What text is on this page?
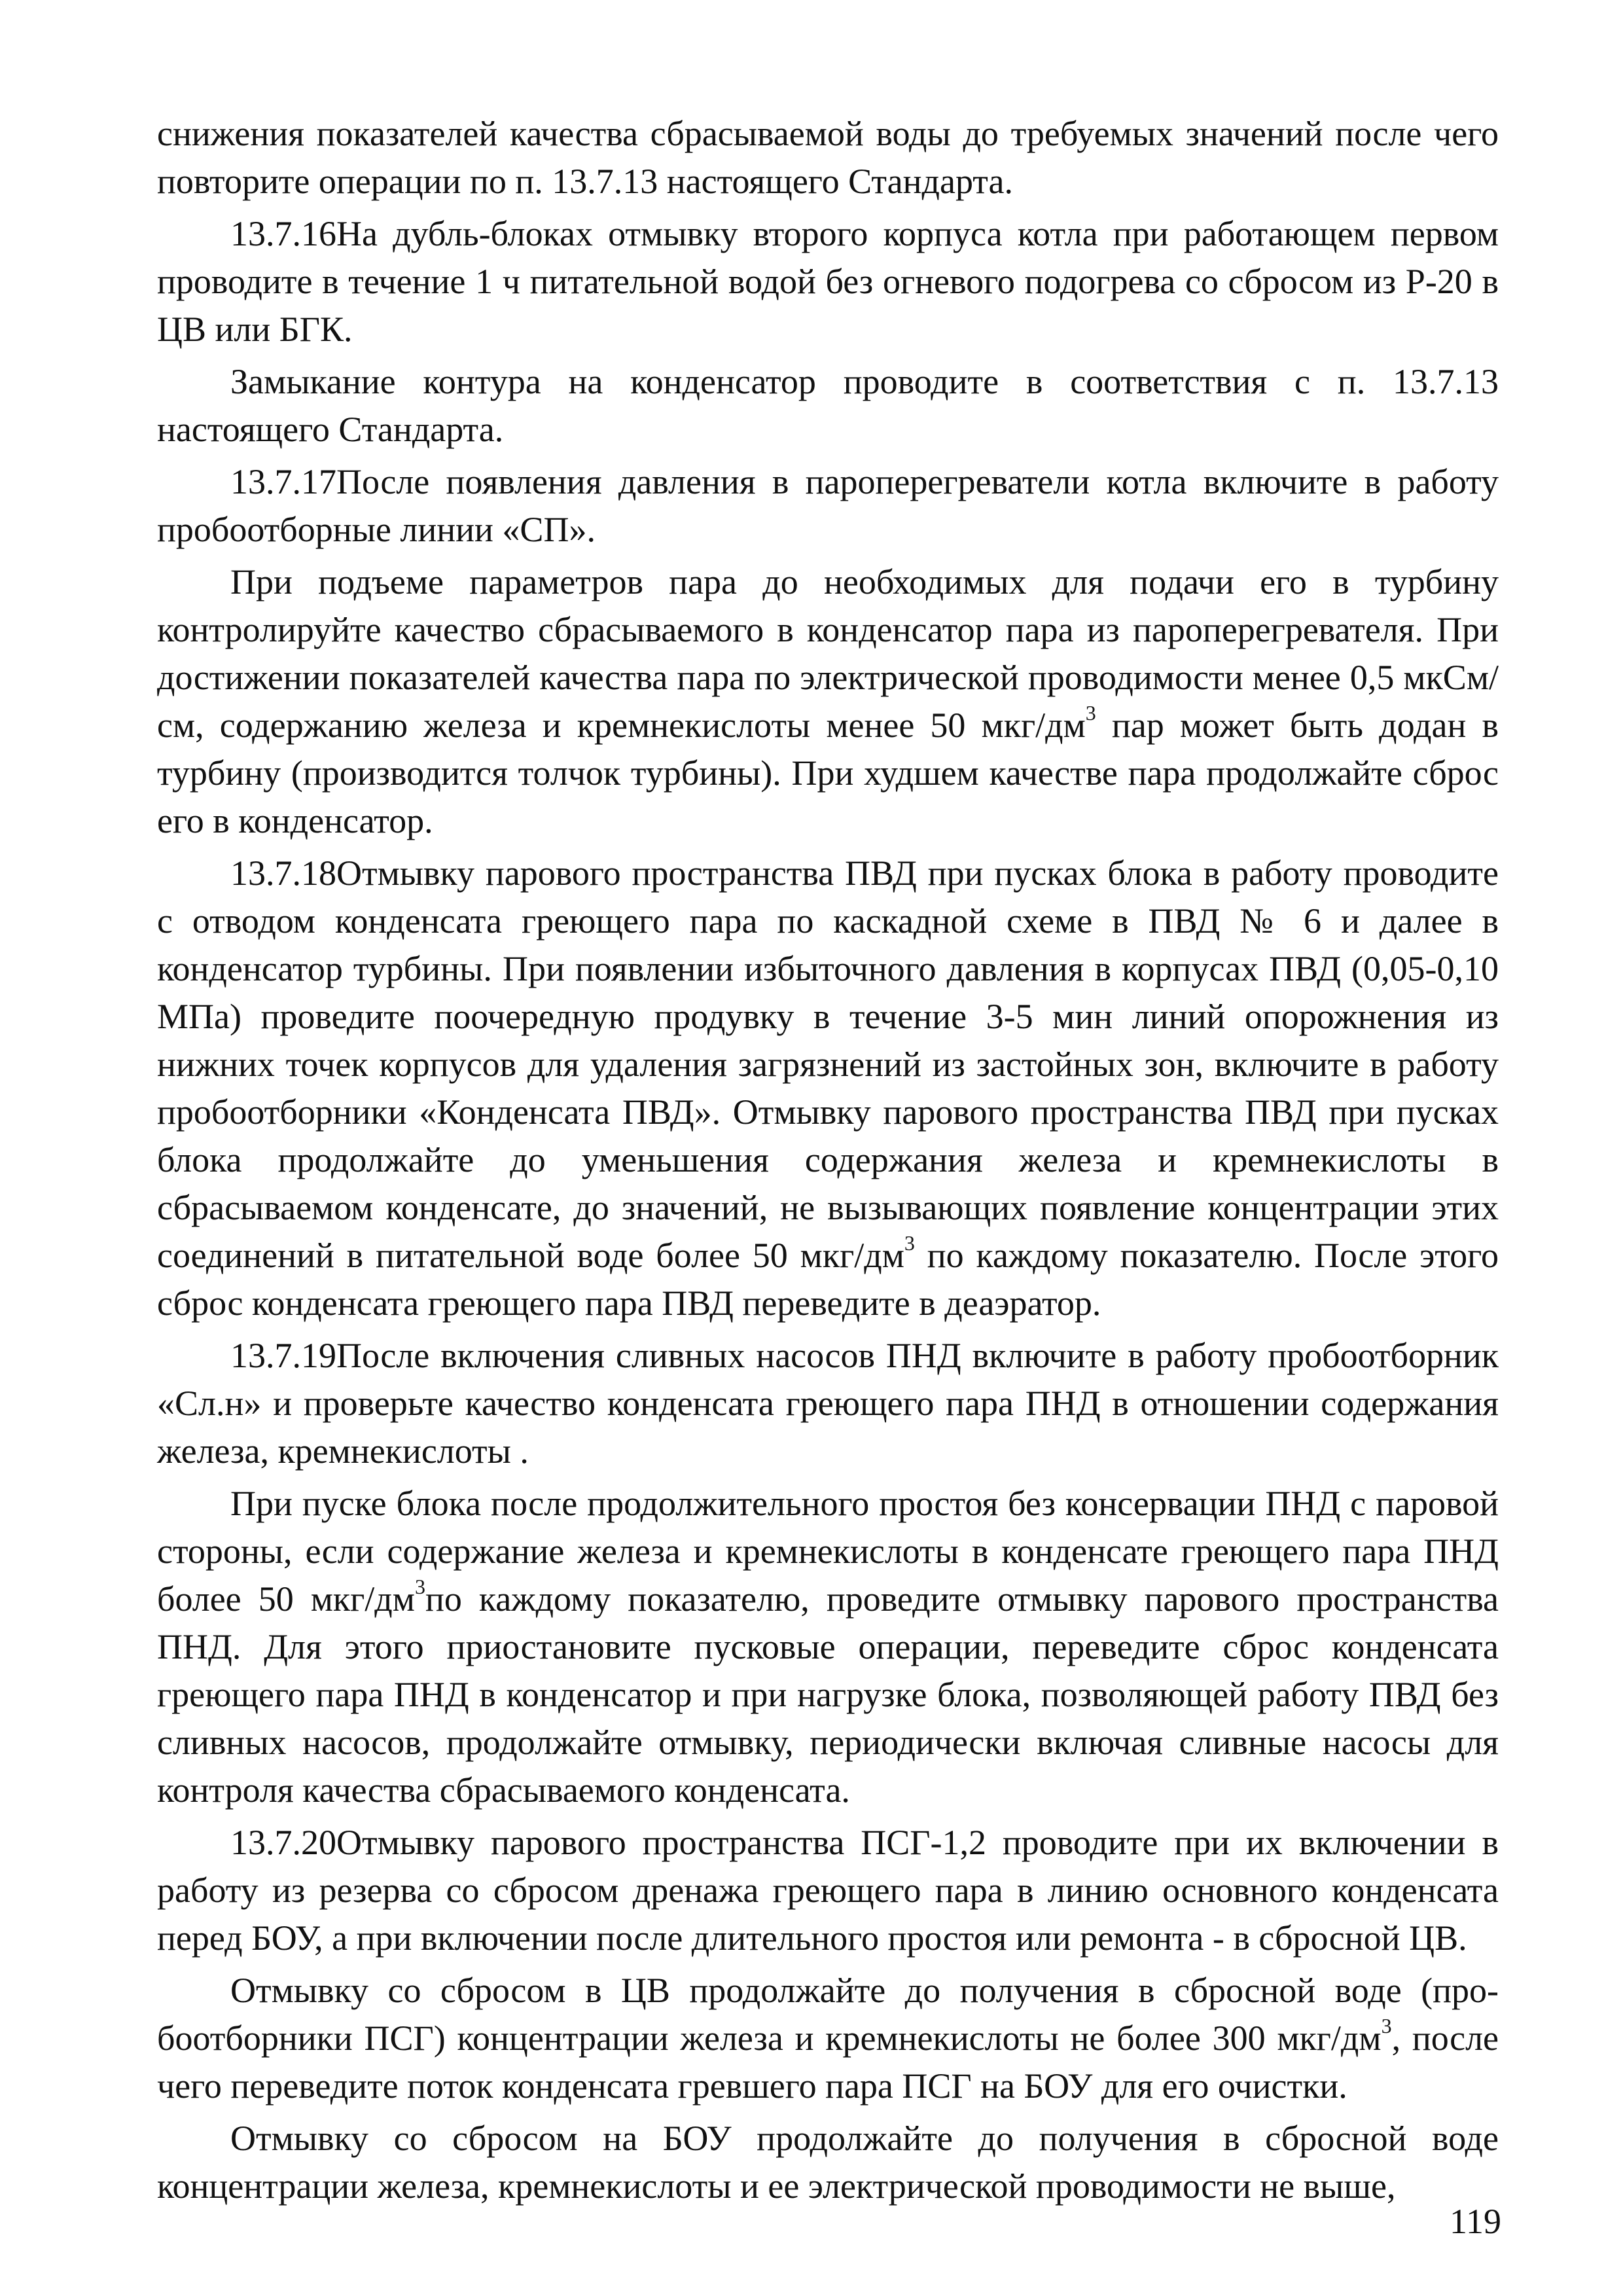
снижения показателей качества сбрасываемой воды до требуемых значений после чего повторите операции по п. 13.7.13 настоящего Стандарта.

13.7.16На дубль-блоках отмывку второго корпуса котла при работающем первом проводите в течение 1 ч питательной водой без огневого подогрева со сбросом из Р-20 в ЦВ или БГК.

Замыкание контура на конденсатор проводите в соответствия с п. 13.7.13 настоящего Стандарта.

13.7.17После появления давления в пароперегреватели котла включите в работу пробоотборные линии «СП».

При подъеме параметров пара до необходимых для подачи его в турбину контролируйте качество сбрасываемого в конденсатор пара из пароперегревателя. При достижении показателей качества пара по электрической проводимости менее 0,5 мкСм/см, содержанию железа и кремнекислоты менее 50 мкг/$дм^3$ пар может быть додан в турбину (производится толчок турбины). При худшем качестве пара продолжайте сброс его в конденсатор.

13.7.18Отмывку парового пространства ПВД при пусках блока в работу проводите с отводом конденсата греющего пара по каскадной схеме в ПВД № 6 и далее в конденсатор турбины. При появлении избыточного давления в корпусах ПВД (0,05-0,10 МПа) проведите поочередную продувку в течение 3-5 мин линий опорожнения из нижних точек корпусов для удаления загрязнений из застойных зон, включите в работу пробоотборники «Конденсата ПВД». Отмывку парового пространства ПВД при пусках блока продолжайте до уменьшения содержания железа и кремнекислоты в сбрасываемом конденсате, до значений, не вызывающих появление концентрации этих соединений в питательной воде более 50 мкг/$дм^3$ по каждому показателю. После этого сброс конденсата греющего пара ПВД переведите в деаэратор.

13.7.19После включения сливных насосов ПНД включите в работу пробоотборник «Сл.н» и проверьте качество конденсата греющего пара ПНД в отношении содержания железа, кремнекислоты .

При пуске блока после продолжительного простоя без консервации ПНД с паровой стороны, если содержание железа и кремнекислоты в конденсате греющего пара ПНД более 50 мкг/$дм^3по$ каждому показателю, проведите отмывку парового пространства ПНД. Для этого приостановите пусковые операции, переведите сброс конденсата греющего пара ПНД в конденсатор и при нагрузке блока, позволяющей работу ПВД без сливных насосов, продолжайте отмывку, периодически включая сливные насосы для контроля качества сбрасываемого конденсата.

13.7.20Отмывку парового пространства ПСГ-1,2 проводите при их включении в работу из резерва со сбросом дренажа греющего пара в линию основного конденсата перед БОУ, а при включении после длительного простоя или ремонта - в сбросной ЦВ.

Отмывку со сбросом в ЦВ продолжайте до получения в сбросной воде (пробоотборники ПСГ) концентрации железа и кремнекислоты не более 300 мкг/$дм^3$, после чего переведите поток конденсата гревшего пара ПСГ на БОУ для его очистки.

Отмывку со сбросом на БОУ продолжайте до получения в сбросной воде концентрации железа, кремнекислоты и ее электрической проводимости не выше,

119
